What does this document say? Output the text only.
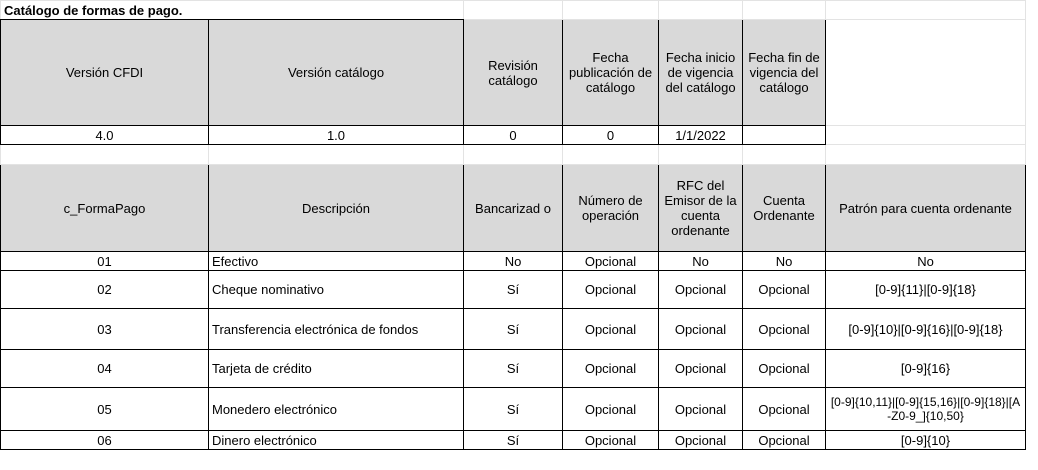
Catálogo de formas de pago.						
Versión CFDI	Versión catálogo	Revisión catálogo	Fecha publicación de catálogo	Fecha inicio de vigencia del catálogo	Fecha fin de vigencia del catálogo	
4.0	1.0	0	0	1/1/2022		

c_FormaPago	Descripción	Bancarizad o	Número de operación	RFC del Emisor de la cuenta ordenante	Cuenta Ordenante	Patrón para cuenta ordenante
01	Efectivo	No	Opcional	No	No	No
02	Cheque nominativo	Sí	Opcional	Opcional	Opcional	[0-9]{11}|[0-9]{18}
03	Transferencia electrónica de fondos	Sí	Opcional	Opcional	Opcional	[0-9]{10}|[0-9]{16}|[0-9]{18}
04	Tarjeta de crédito	Sí	Opcional	Opcional	Opcional	[0-9]{16}
05	Monedero electrónico	Sí	Opcional	Opcional	Opcional	[0-9]{10,11}|[0-9]{15,16}|[0-9]{18}|[A-Z0-9_]{10,50}
06	Dinero electrónico	Sí	Opcional	Opcional	Opcional	[0-9]{10}
